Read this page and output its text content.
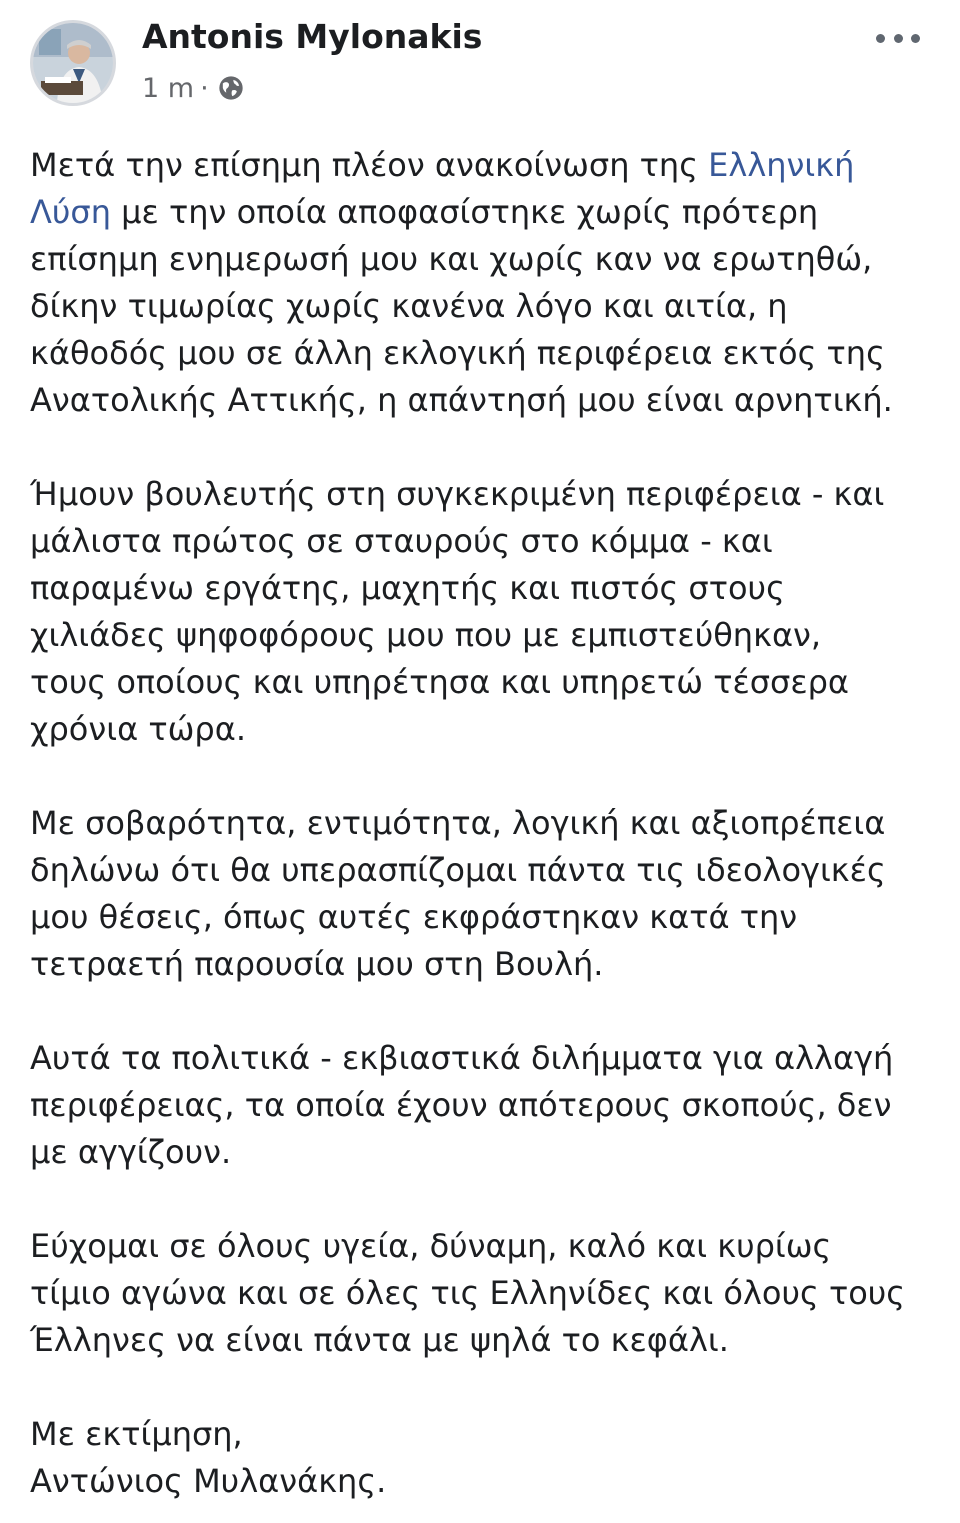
Antonis Mylonakis
1 m ·

Μετά την επίσημη πλέον ανακοίνωση της Ελληνική
Λύση με την οποία αποφασίστηκε χωρίς πρότερη
επίσημη ενημερωσή μου και χωρίς καν να ερωτηθώ,
δίκην τιμωρίας χωρίς κανένα λόγο και αιτία, η
κάθοδός μου σε άλλη εκλογική περιφέρεια εκτός της
Ανατολικής Αττικής, η απάντησή μου είναι αρνητική.

Ήμουν βουλευτής στη συγκεκριμένη περιφέρεια - και
μάλιστα πρώτος σε σταυρούς στο κόμμα - και
παραμένω εργάτης, μαχητής και πιστός στους
χιλιάδες ψηφοφόρους μου που με εμπιστεύθηκαν,
τους οποίους και υπηρέτησα και υπηρετώ τέσσερα
χρόνια τώρα.

Με σοβαρότητα, εντιμότητα, λογική και αξιοπρέπεια
δηλώνω ότι θα υπερασπίζομαι πάντα τις ιδεολογικές
μου θέσεις, όπως αυτές εκφράστηκαν κατά την
τετραετή παρουσία μου στη Βουλή.

Αυτά τα πολιτικά - εκβιαστικά διλήμματα για αλλαγή
περιφέρειας, τα οποία έχουν απότερους σκοπούς, δεν
με αγγίζουν.

Εύχομαι σε όλους υγεία, δύναμη, καλό και κυρίως
τίμιο αγώνα και σε όλες τις Ελληνίδες και όλους τους
Έλληνες να είναι πάντα με ψηλά το κεφάλι.

Με εκτίμηση,
Αντώνιος Μυλανάκης.
